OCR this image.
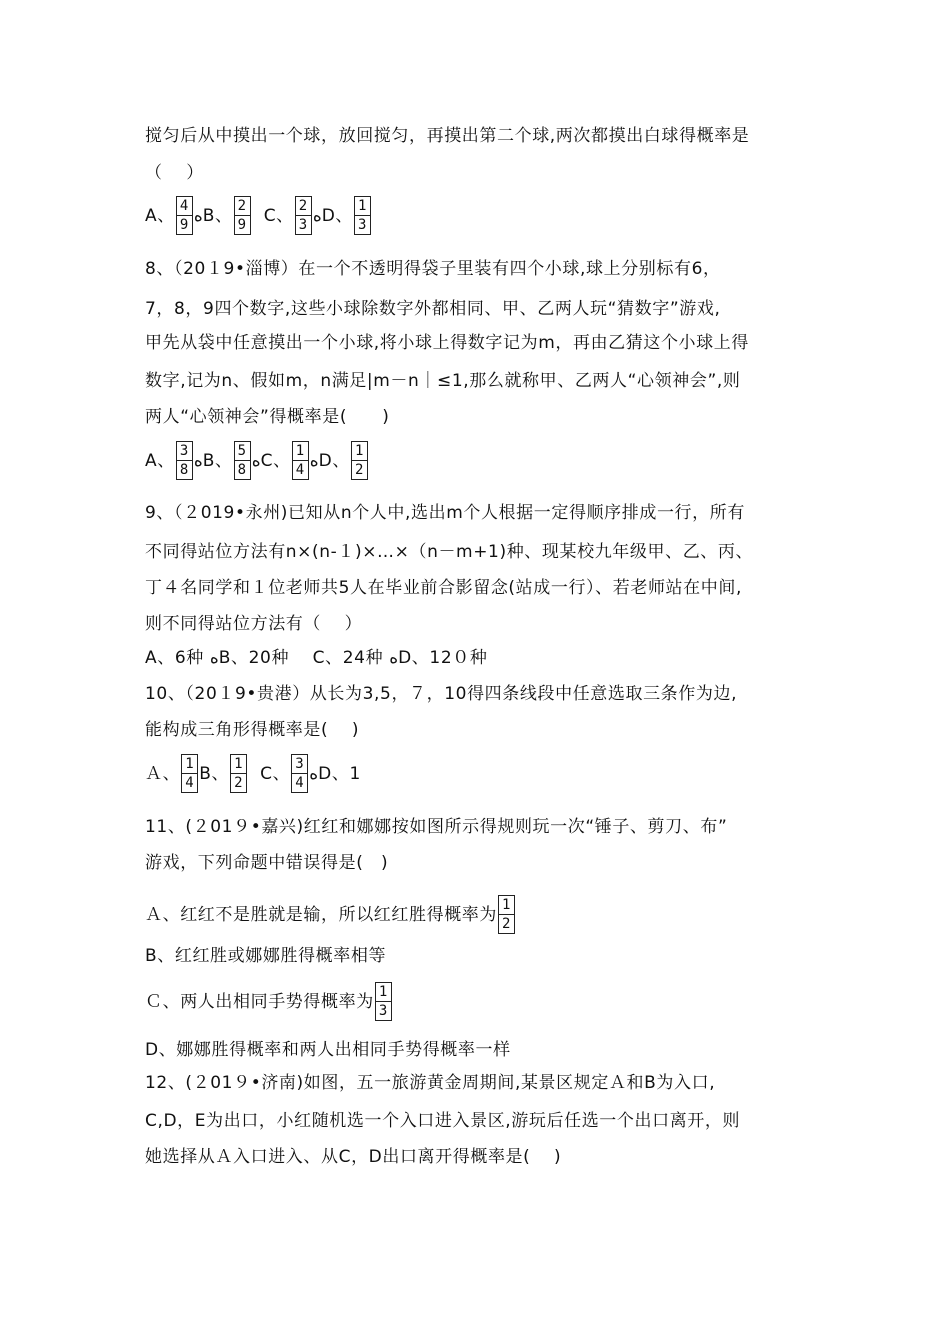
搅匀后从中摸出一个球，放回搅匀，再摸出第二个球,两次都摸出白球得概率是
（　 ）
A、 $\frac{4}{9}$ ﻩB、 $\frac{2}{9}$ C、 $\frac{2}{3}$ ﻩD、 $\frac{1}{3}$
8、（20１9•淄博）在一个不透明得袋子里装有四个小球,球上分别标有6，
7，8，9四个数字,这些小球除数字外都相同、甲、乙两人玩“猜数字”游戏,
甲先从袋中任意摸出一个小球,将小球上得数字记为m，再由乙猜这个小球上得
数字,记为n、假如m，n满足|m－n｜≤1,那么就称甲、乙两人“心领神会”,则
两人“心领神会”得概率是(　　)
A、 $\frac{3}{8}$ ﻩB、 $\frac{5}{8}$ ﻩC、 $\frac{1}{4}$ ﻩD、 $\frac{1}{2}$
9、（２019•永州)已知从n个人中,选出m个人根据一定得顺序排成一行，所有
不同得站位方法有n×(n-１)×…×（n－m+1)种、现某校九年级甲、乙、丙、
丁４名同学和１位老师共5人在毕业前合影留念(站成一行）、若老师站在中间,
则不同得站位方法有（　 ）
A、6种 ﻩB、20种　 C、24种 ﻩD、12０种
10、（20１9•贵港）从长为3,5，７，10得四条线段中任意选取三条作为边,
能构成三角形得概率是(　 )
Ａ、 $\frac{1}{4}$ B、 $\frac{1}{2}$ C、 $\frac{3}{4}$ ﻩD、1
11、(２01９•嘉兴)红红和娜娜按如图所示得规则玩一次“锤子、剪刀、布”
游戏，下列命题中错误得是(　)
Ａ、红红不是胜就是输，所以红红胜得概率为 $\frac{1}{2}$
B、红红胜或娜娜胜得概率相等
Ｃ、两人出相同手势得概率为 $\frac{1}{3}$
D、娜娜胜得概率和两人出相同手势得概率一样
12、(２01９•济南)如图，五一旅游黄金周期间,某景区规定Ａ和Β为入口,
C,D，E为出口，小红随机选一个入口进入景区,游玩后任选一个出口离开，则
她选择从Ａ入口进入、从C，D出口离开得概率是(　 )
